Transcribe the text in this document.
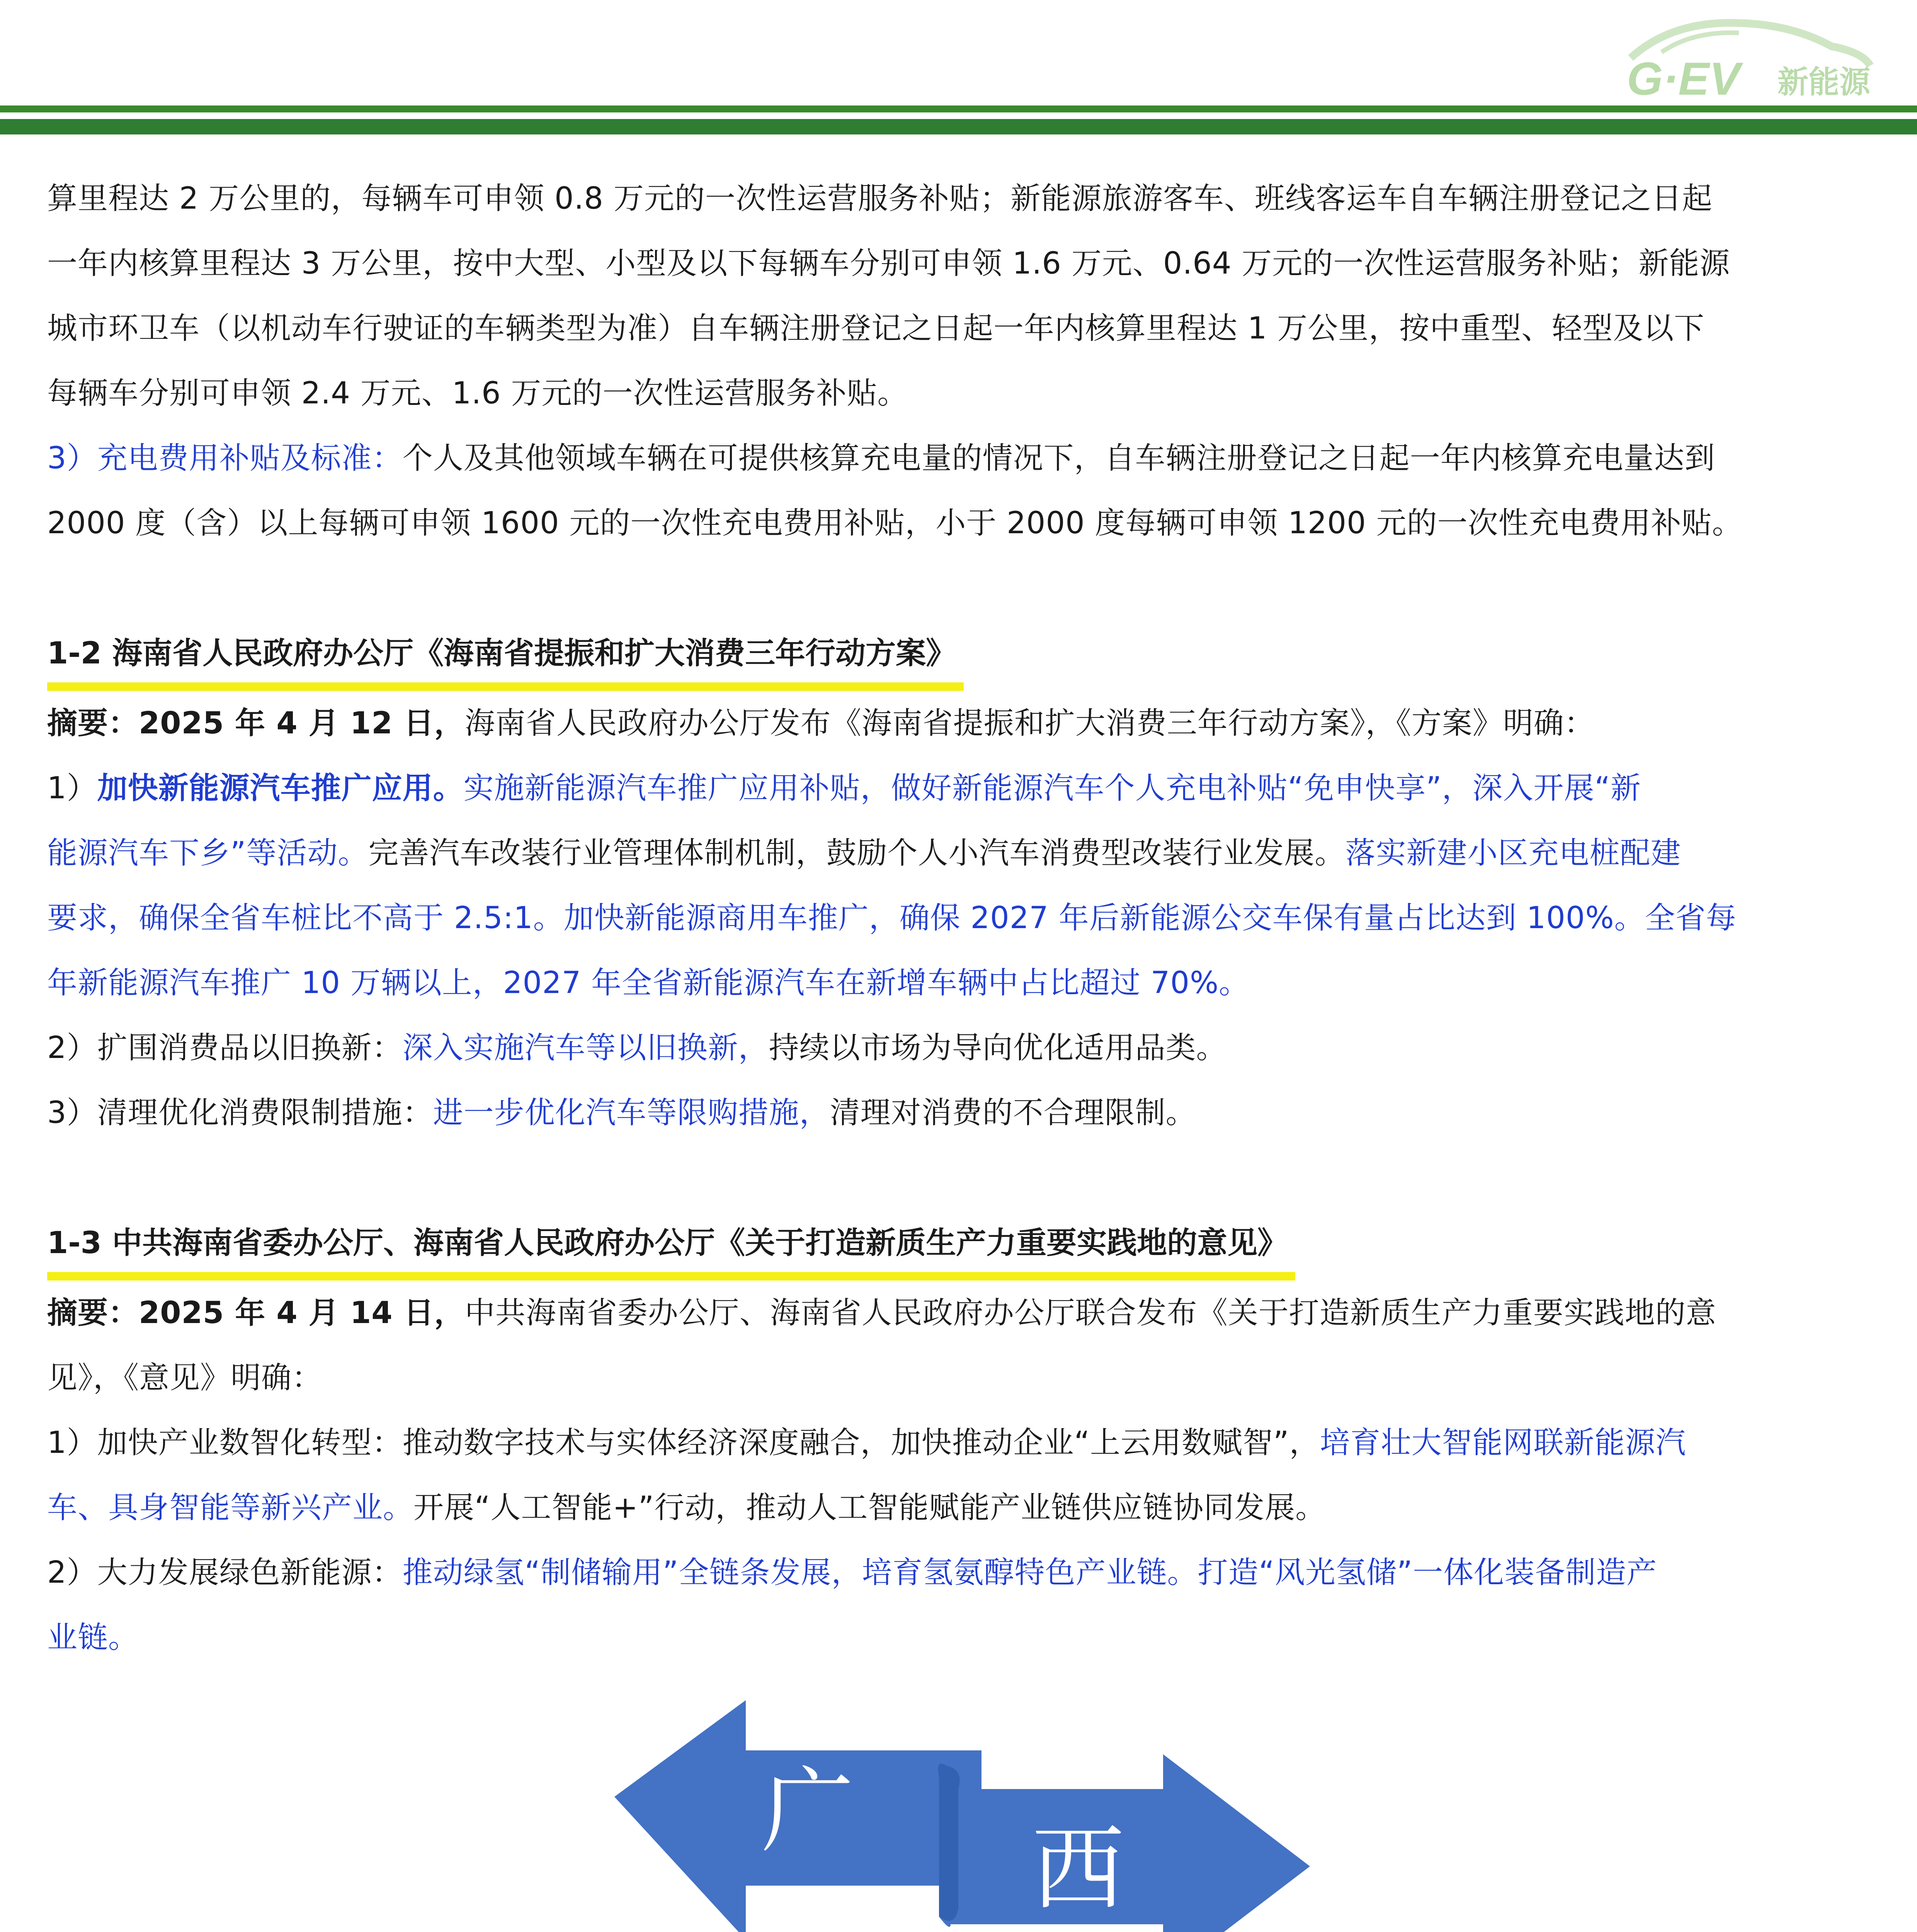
G·EV 新能源

算里程达 2 万公里的，每辆车可申领 0.8 万元的一次性运营服务补贴；新能源旅游客车、班线客运车自车辆注册登记之日起

一年内核算里程达 3 万公里，按中大型、小型及以下每辆车分别可申领 1.6 万元、0.64 万元的一次性运营服务补贴；新能源

城市环卫车（以机动车行驶证的车辆类型为准）自车辆注册登记之日起一年内核算里程达 1 万公里，按中重型、轻型及以下

每辆车分别可申领 2.4 万元、1.6 万元的一次性运营服务补贴。

3）充电费用补贴及标准：个人及其他领域车辆在可提供核算充电量的情况下，自车辆注册登记之日起一年内核算充电量达到

2000 度（含）以上每辆可申领 1600 元的一次性充电费用补贴，小于 2000 度每辆可申领 1200 元的一次性充电费用补贴。

1-2 海南省人民政府办公厅《海南省提振和扩大消费三年行动方案》

摘要：2025 年 4 月 12 日，海南省人民政府办公厅发布《海南省提振和扩大消费三年行动方案》，《方案》明确：

1）加快新能源汽车推广应用。实施新能源汽车推广应用补贴，做好新能源汽车个人充电补贴“免申快享”，深入开展“新

能源汽车下乡”等活动。完善汽车改装行业管理体制机制，鼓励个人小汽车消费型改装行业发展。落实新建小区充电桩配建

要求，确保全省车桩比不高于 2.5:1。加快新能源商用车推广，确保 2027 年后新能源公交车保有量占比达到 100%。全省每

年新能源汽车推广 10 万辆以上，2027 年全省新能源汽车在新增车辆中占比超过 70%。

2）扩围消费品以旧换新：深入实施汽车等以旧换新，持续以市场为导向优化适用品类。

3）清理优化消费限制措施：进一步优化汽车等限购措施，清理对消费的不合理限制。

1-3 中共海南省委办公厅、海南省人民政府办公厅《关于打造新质生产力重要实践地的意见》

摘要：2025 年 4 月 14 日，中共海南省委办公厅、海南省人民政府办公厅联合发布《关于打造新质生产力重要实践地的意

见》，《意见》明确：

1）加快产业数智化转型：推动数字技术与实体经济深度融合，加快推动企业“上云用数赋智”，培育壮大智能网联新能源汽

车、具身智能等新兴产业。开展“人工智能+”行动，推动人工智能赋能产业链供应链协同发展。

2）大力发展绿色新能源：推动绿氢“制储输用”全链条发展，培育氢氨醇特色产业链。打造“风光氢储”一体化装备制造产

业链。

广
西
